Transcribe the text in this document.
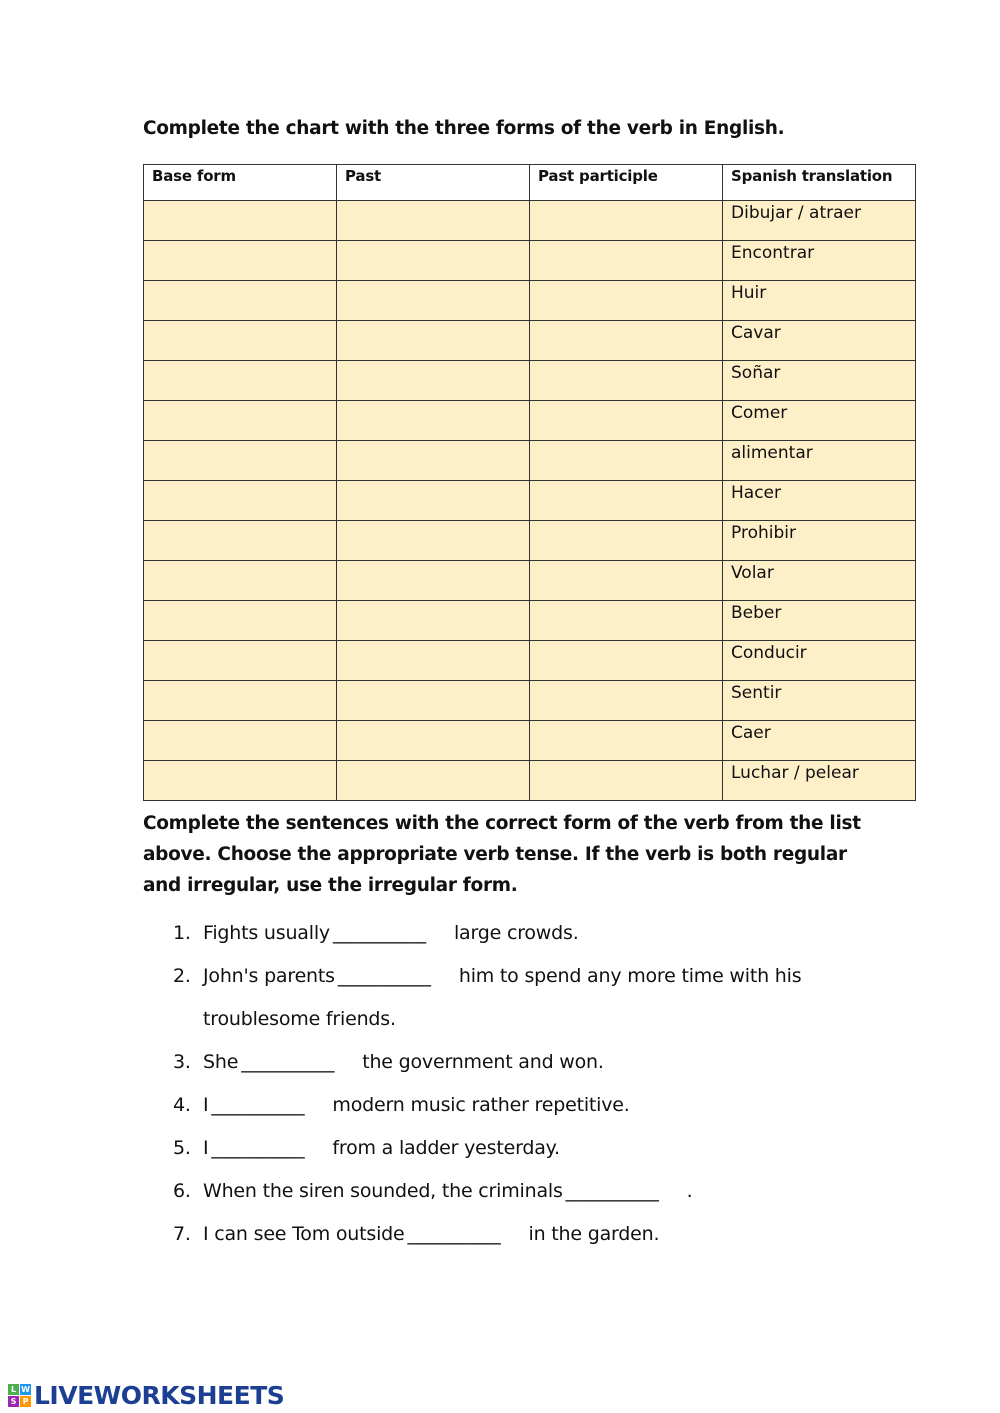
Complete the chart with the three forms of the verb in English.
Base form	Past	Past participle	Spanish translation
			Dibujar / atraer
			Encontrar
			Huir
			Cavar
			Soñar
			Comer
			alimentar
			Hacer
			Prohibir
			Volar
			Beber
			Conducir
			Sentir
			Caer
			Luchar / pelear

Complete the sentences with the correct form of the verb from the list above. Choose the appropriate verb tense. If the verb is both regular and irregular, use the irregular form.

1. Fights usually __________ large crowds.
2. John's parents __________ him to spend any more time with his
troublesome friends.
3. She __________ the government and won.
4. I __________ modern music rather repetitive.
5. I __________ from a ladder yesterday.
6. When the siren sounded, the criminals __________ .
7. I can see Tom outside __________ in the garden.
L W
S P LIVEWORKSHEETS
